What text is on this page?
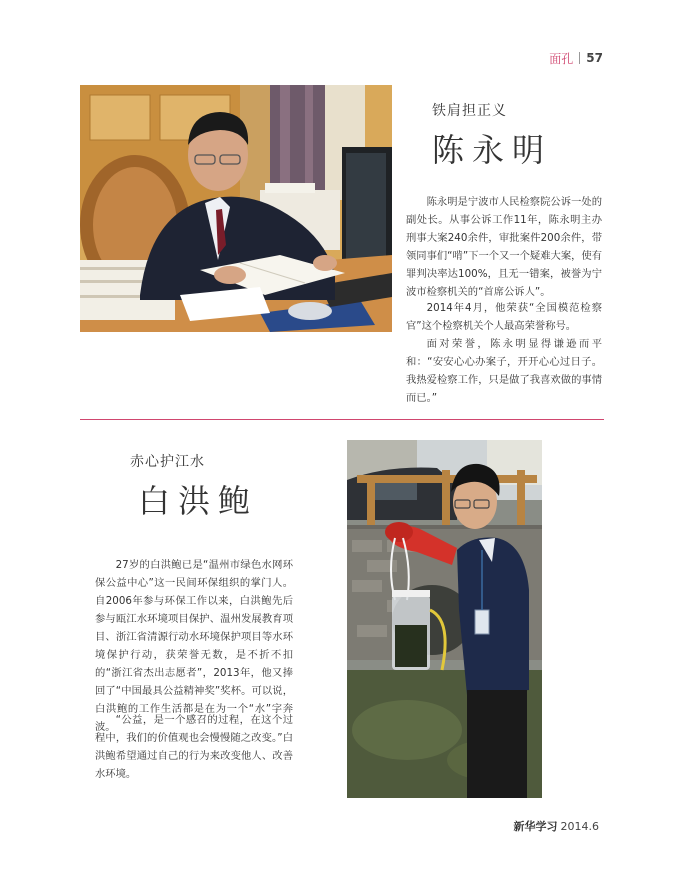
面孔 57
铁肩担正义
陈永明

陈永明是宁波市人民检察院公诉一处的副处长。从事公诉工作11年，陈永明主办刑事大案240余件，审批案件200余件，带领同事们“啃”下一个又一个疑难大案，使有罪判决率达100%，且无一错案，被誉为宁波市检察机关的“首席公诉人”。

2014年4月，他荣获“全国模范检察官”这个检察机关个人最高荣誉称号。

面对荣誉，陈永明显得谦逊而平和：“安安心心办案子，开开心心过日子。我热爱检察工作，只是做了我喜欢做的事情而已。”

赤心护江水
白洪鲍

27岁的白洪鲍已是“温州市绿色水网环保公益中心”这一民间环保组织的掌门人。自2006年参与环保工作以来，白洪鲍先后参与瓯江水环境项目保护、温州发展教育项目、浙江省清源行动水环境保护项目等水环境保护行动，获荣誉无数，是不折不扣的“浙江省杰出志愿者”，2013年，他又捧回了“中国最具公益精神奖”奖杯。可以说，白洪鲍的工作生活都是在为一个“水”字奔波。

“公益，是一个感召的过程，在这个过程中，我们的价值观也会慢慢随之改变。”白洪鲍希望通过自己的行为来改变他人、改善水环境。

新华学习 2014.6
